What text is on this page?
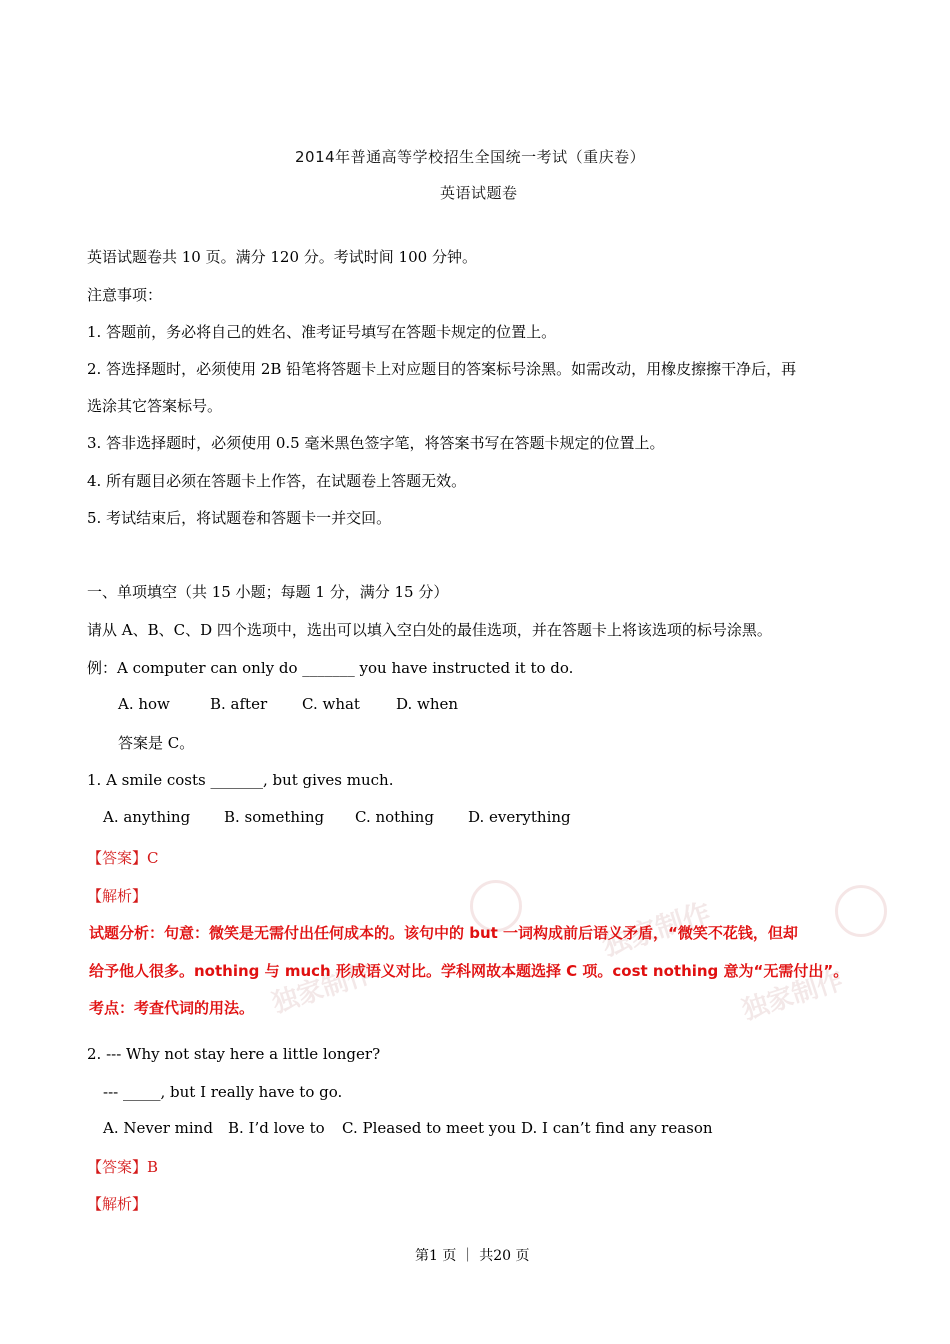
独家制作
独家制作	独家制作
2014年普通高等学校招生全国统一考试（重庆卷）
英语试题卷
英语试题卷共 10 页。满分 120 分。考试时间 100 分钟。
注意事项：
1. 答题前，务必将自己的姓名、准考证号填写在答题卡规定的位置上。
2. 答选择题时，必须使用 2B 铅笔将答题卡上对应题目的答案标号涂黑。如需改动，用橡皮擦擦干净后，再
选涂其它答案标号。
3. 答非选择题时，必须使用 0.5 毫米黑色签字笔，将答案书写在答题卡规定的位置上。
4. 所有题目必须在答题卡上作答，在试题卷上答题无效。
5. 考试结束后，将试题卷和答题卡一并交回。
一、单项填空（共 15 小题；每题 1 分，满分 15 分）
请从 A、B、C、D 四个选项中，选出可以填入空白处的最佳选项，并在答题卡上将该选项的标号涂黑。
例：A computer can only do _______ you have instructed it to do.
A. how	B. after C. what D. when
答案是 C。
1. A smile costs _______, but gives much.
A. anything B. something C. nothing D. everything
【答案】C
【解析】
试题分析：句意：微笑是无需付出任何成本的。该句中的 but 一词构成前后语义矛盾，“微笑不花钱，但却
给予他人很多。nothing 与 much 形成语义对比。学科网故本题选择 C 项。cost nothing 意为“无需付出”。
考点：考查代词的用法。
2. --- Why not stay here a little longer?
--- _____, but I really have to go.
A. Never mind B. I’d love to C. Pleased to meet you D. I can’t find any reason
【答案】B
【解析】
第1 页 ｜ 共20 页
